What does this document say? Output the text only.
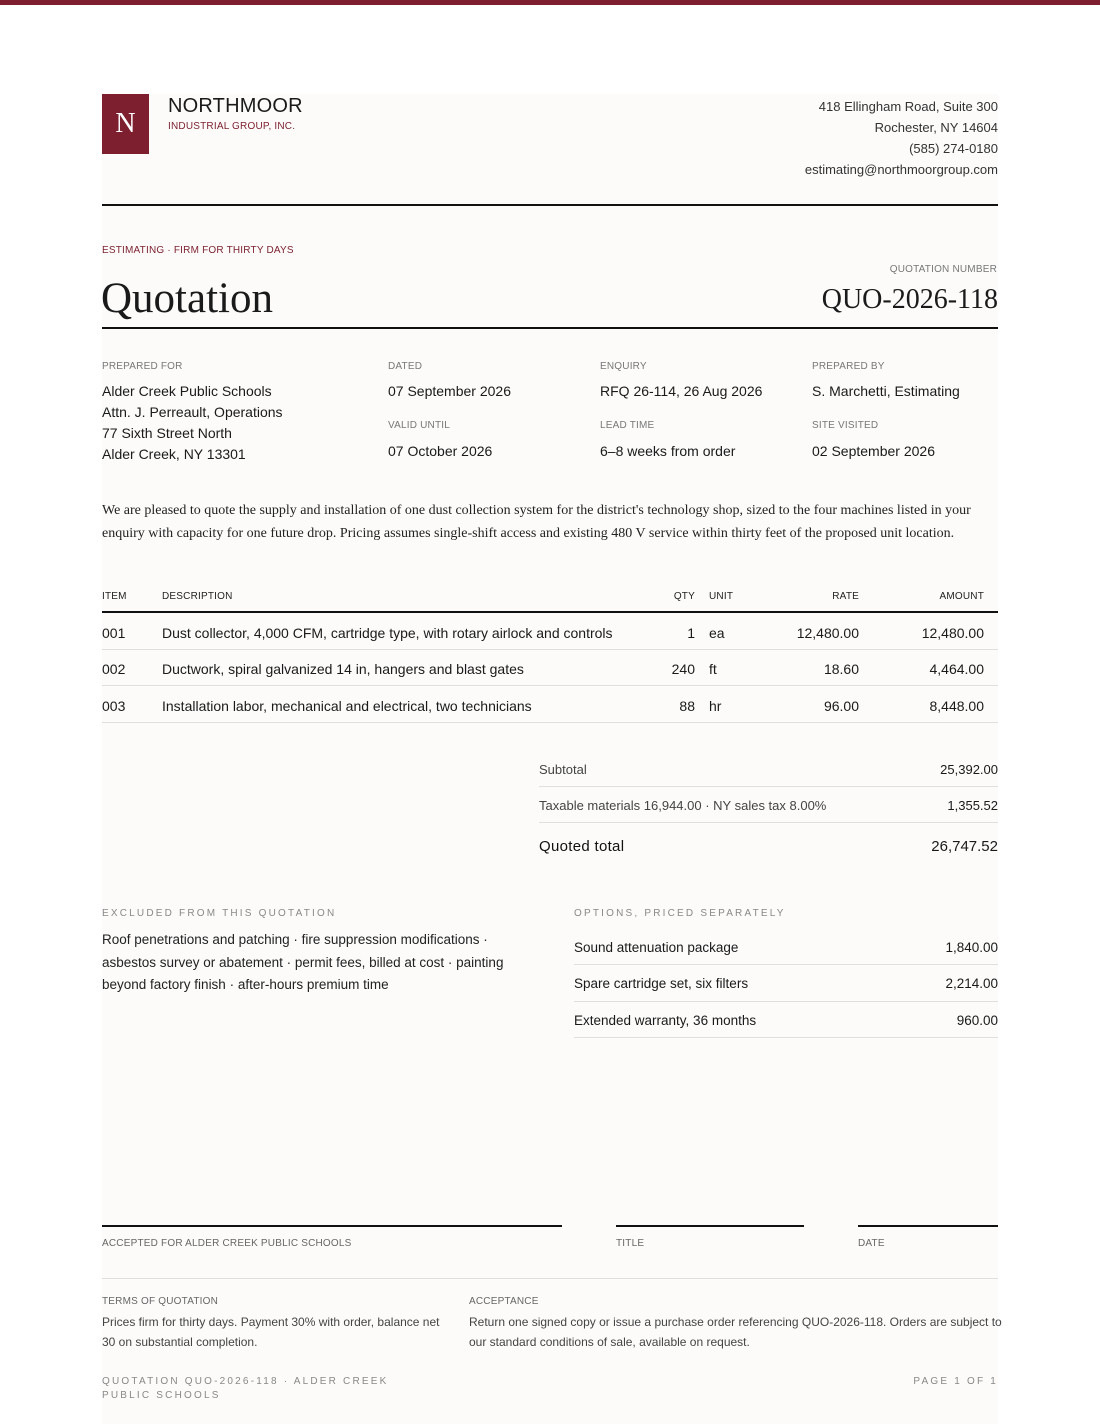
N
NORTHMOOR
INDUSTRIAL GROUP, INC.
418 Ellingham Road, Suite 300
Rochester, NY 14604
(585) 274-0180
estimating@northmoorgroup.com
ESTIMATING · FIRM FOR THIRTY DAYS
QUOTATION NUMBER
Quotation	QUO-2026-118
PREPARED FOR
Alder Creek Public Schools
Attn. J. Perreault, Operations
77 Sixth Street North
Alder Creek, NY 13301
DATED
07 September 2026
VALID UNTIL
07 October 2026
ENQUIRY
RFQ 26-114, 26 Aug 2026
LEAD TIME
6–8 weeks from order
PREPARED BY
S. Marchetti, Estimating
SITE VISITED
02 September 2026
We are pleased to quote the supply and installation of one dust collection system for the district's technology shop, sized to the four machines listed in your enquiry with capacity for one future drop. Pricing assumes single-shift access and existing 480 V service within thirty feet of the proposed unit location.
ITEM	DESCRIPTION	QTY UNIT	RATE	AMOUNT
001	Dust collector, 4,000 CFM, cartridge type, with rotary airlock and controls	1 ea	12,480.00	12,480.00
002	Ductwork, spiral galvanized 14 in, hangers and blast gates	240 ft	18.60	4,464.00
003	Installation labor, mechanical and electrical, two technicians	88 hr	96.00	8,448.00
Subtotal	25,392.00
Taxable materials 16,944.00 · NY sales tax 8.00%	1,355.52
Quoted total	26,747.52
EXCLUDED FROM THIS QUOTATION
Roof penetrations and patching · fire suppression modifications · asbestos survey or abatement · permit fees, billed at cost · painting beyond factory finish · after-hours premium time
OPTIONS, PRICED SEPARATELY
Sound attenuation package	1,840.00
Spare cartridge set, six filters	2,214.00
Extended warranty, 36 months	960.00
ACCEPTED FOR ALDER CREEK PUBLIC SCHOOLS	TITLE	DATE
TERMS OF QUOTATION
Prices firm for thirty days. Payment 30% with order, balance net 30 on substantial completion.
ACCEPTANCE
Return one signed copy or issue a purchase order referencing QUO-2026-118. Orders are subject to our standard conditions of sale, available on request.
QUOTATION QUO-2026-118 · ALDER CREEK PUBLIC SCHOOLS
PAGE 1 OF 1
